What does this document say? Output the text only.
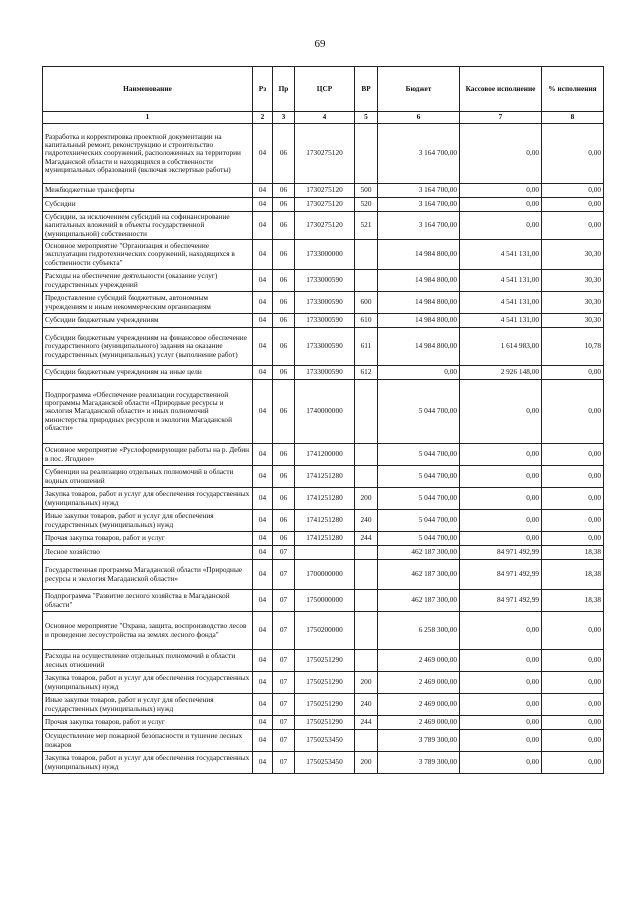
69
Наименование	Рз	Пр	ЦСР	ВР	Бюджет	Кассовое исполнение	% исполнения
1	2	3	4	5	6	7	8
Разработка и корректировка проектной документации на капитальный ремонт, реконструкцию и строительство гидротехнических сооружений, расположенных на территории Магаданской области и находящихся в собственности муниципальных образований (включая экспертные работы)	04	06	1730275120		3 164 700,00	0,00	0,00
Межбюджетные трансферты	04	06	1730275120	500	3 164 700,00	0,00	0,00
Субсидии	04	06	1730275120	520	3 164 700,00	0,00	0,00
Субсидии, за исключением субсидий на софинансирование капитальных вложений в объекты государственной (муниципальной) собственности	04	06	1730275120	521	3 164 700,00	0,00	0,00
Основное мероприятие "Организация и обеспечение эксплуатации гидротехнических сооружений, находящихся в собственности субъекта"	04	06	1733000000		14 984 800,00	4 541 131,00	30,30
Расходы на обеспечение деятельности (оказание услуг) государственных учреждений	04	06	1733000590		14 984 800,00	4 541 131,00	30,30
Предоставление субсидий бюджетным, автономным учреждениям и иным некоммерческим организациям	04	06	1733000590	600	14 984 800,00	4 541 131,00	30,30
Субсидии бюджетным учреждениям	04	06	1733000590	610	14 984 800,00	4 541 131,00	30,30
Субсидии бюджетным учреждениям на финансовое обеспечение государственного (муниципального) задания на оказание государственных (муниципальных) услуг (выполнение работ)	04	06	1733000590	611	14 984 800,00	1 614 983,00	10,78
Субсидии бюджетным учреждениям на иные цели	04	06	1733000590	612	0,00	2 926 148,00	0,00
Подпрограмма «Обеспечение реализации государственной программы Магаданской области «Природные ресурсы и экология Магаданской области» и иных полномочий министерства природных ресурсов и экологии Магаданской области»	04	06	1740000000		5 044 700,00	0,00	0,00
Основное мероприятие «Руслоформирующие работы на р. Дебин в пос. Ягодное»	04	06	1741200000		5 044 700,00	0,00	0,00
Субвенции на реализацию отдельных полномочий в области водных отношений	04	06	1741251280		5 044 700,00	0,00	0,00
Закупка товаров, работ и услуг для обеспечения государственных (муниципальных) нужд	04	06	1741251280	200	5 044 700,00	0,00	0,00
Иные закупки товаров, работ и услуг для обеспечения государственных (муниципальных) нужд	04	06	1741251280	240	5 044 700,00	0,00	0,00
Прочая закупка товаров, работ и услуг	04	06	1741251280	244	5 044 700,00	0,00	0,00
Лесное хозяйство	04	07			462 187 300,00	84 971 492,99	18,38
Государственная программа Магаданской области «Природные ресурсы и экология Магаданской области»	04	07	1700000000		462 187 300,00	84 971 492,99	18,38
Подпрограмма "Развитие лесного хозяйства в Магаданской области"	04	07	1750000000		462 187 300,00	84 971 492,99	18,38
Основное мероприятие "Охрана, защита, воспроизводство лесов и проведение лесоустройства на землях лесного фонда"	04	07	1750200000		6 258 300,00	0,00	0,00
Расходы на осуществление отдельных полномочий в области лесных отношений	04	07	1750251290		2 469 000,00	0,00	0,00
Закупка товаров, работ и услуг для обеспечения государственных (муниципальных) нужд	04	07	1750251290	200	2 469 000,00	0,00	0,00
Иные закупки товаров, работ и услуг для обеспечения государственных (муниципальных) нужд	04	07	1750251290	240	2 469 000,00	0,00	0,00
Прочая закупка товаров, работ и услуг	04	07	1750251290	244	2 469 000,00	0,00	0,00
Осуществление мер пожарной безопасности и тушение лесных пожаров	04	07	1750253450		3 789 300,00	0,00	0,00
Закупка товаров, работ и услуг для обеспечения государственных (муниципальных) нужд	04	07	1750253450	200	3 789 300,00	0,00	0,00
